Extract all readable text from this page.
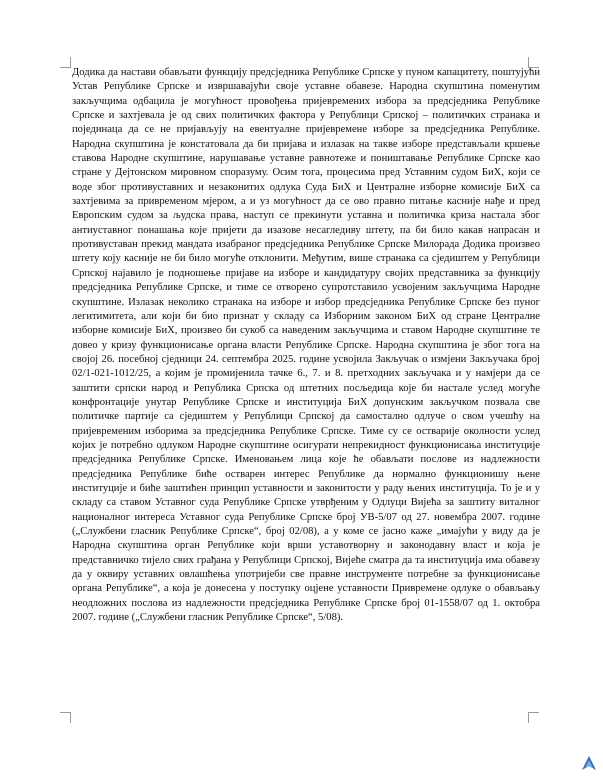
Додика да настави обављати функцију предсједника Републике Српске у пуном капацитету, поштујући Устав Републике Српске и извршавајући своје уставне обавезе. Народна скупштина поменутим закључцима одбацила је могућност провођења пријевремених избора за предсједника Републике Српске и захтјевала је од свих политичких фактора у Републици Српској – политичких странака и појединаца да се не пријављују на евентуалне пријевремене изборе за предсједника Републике. Народна скупштина је констатовала да би пријава и излазак на такве изборе представљали кршење ставова Народне скупштине, нарушавање уставне равнотеже и поништавање Републике Српске као стране у Дејтонском мировном споразуму. Осим тога, процесима пред Уставним судом БиХ, који се воде због противуставних и незаконитих одлука Суда БиХ и Централне изборне комисије БиХ са захтјевима за привременом мјером, а и уз могућност да се ово правно питање касније нађе и пред Европским судом за људска права, наступ се прекинути уставна и политичка криза настала због антиуставног понашања које пријети да изазове несагледиву штету, па би било какав напрасан и противуставан прекид мандата изабраног предсједника Републике Српске Милорада Додика произвео штету коју касније не би било могуће отклонити. Међутим, више странака са сједиштем у Републици Српској најавило је подношење пријаве на изборе и кандидатуру својих представника за функцију предсједника Републике Српске, и тиме се отворено супротставило усвојеним закључцима Народне скупштине. Излазак неколико странака на изборе и избор предсједника Републике Српске без пуног легитимитета, али који би био признат у складу са Изборним законом БиХ од стране Централне изборне комисије БиХ, произвео би сукоб са наведеним закључцима и ставом Народне скупштине те довео у кризу функционисање органа власти Републике Српске. Народна скупштина је због тога на својој 26. посебној сједници 24. септембра 2025. године усвојила Закључак о измјени Закључака број 02/1-021-1012/25, а којим је промијенила тачке 6., 7. и 8. претходних закључака и у намјери да се заштити српски народ и Република Српска од штетних посљедица које би настале услед могуће конфронтације унутар Републике Српске и институција БиХ допунским закључком позвала све политичке партије са сједиштем у Републици Српској да самостално одлуче о свом учешћу на пријевременим изборима за предсједника Републике Српске. Тиме су се остварије околности услед којих је потребно одлуком Народне скупштине осигурати непрекидност функционисања институције предсједника Републике Српске. Именовањем лица које ће обављати послове из надлежности предсједника Републике биће остварен интерес Републике да нормално функционишу њене институције и биће заштићен принцип уставности и законитости у раду њених институција. То је и у складу са ставом Уставног суда Републике Српске утврђеним у Одлуци Вијећа за заштиту виталног националног интереса Уставног суда Републике Српске број УВ-5/07 од 27. новембра 2007. године („Службени гласник Републике Српске“, број 02/08), а у коме се јасно каже „имајући у виду да је Народна скупштина орган Републике који врши уставотворну и законодавну власт и која је представничко тијело свих грађана у Републици Српској, Вијеће сматра да та институција има обавезу да у оквиру уставних овлашћења употријеби све правне инструменте потребне за функционисање органа Републике“, а која је донесена у поступку оцјене уставности Привремене одлуке о обављању неодложних послова из надлежности предсједника Републике Српске број 01-1558/07 од 1. октобра 2007. године („Службени гласник Републике Српске“, 5/08).
